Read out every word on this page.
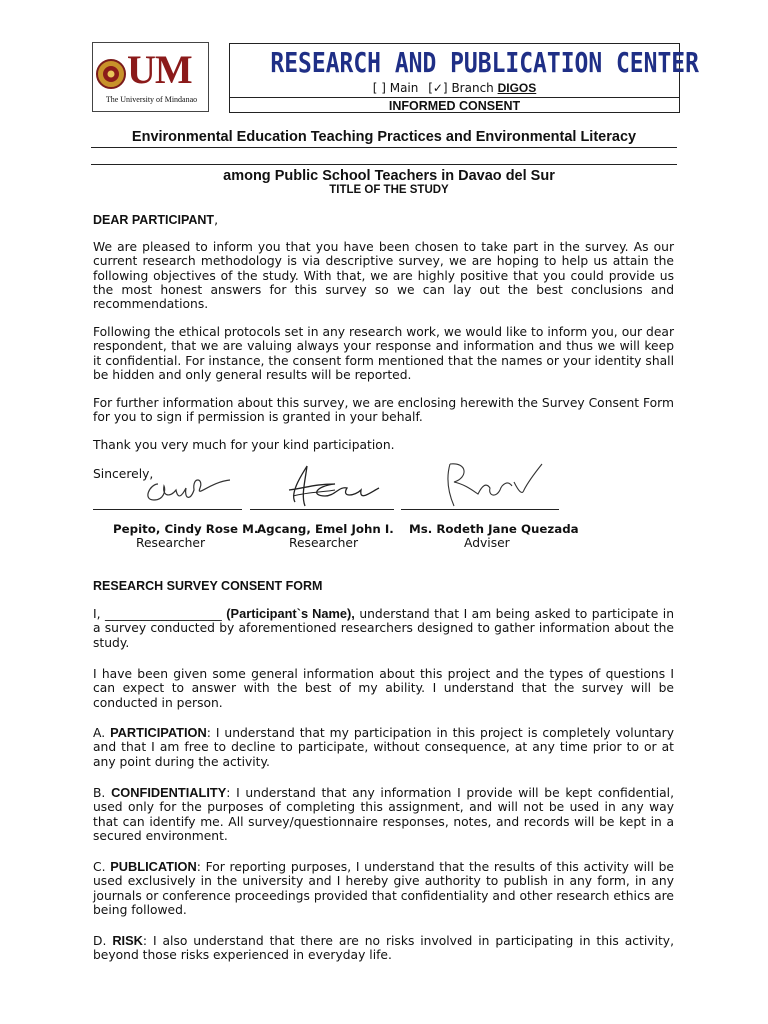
UM
The University of Mindanao
RESEARCH AND PUBLICATION CENTER
[ ] Main [✓] Branch DIGOS
INFORMED CONSENT
Environmental Education Teaching Practices and Environmental Literacy
among Public School Teachers in Davao del Sur
TITLE OF THE STUDY
DEAR PARTICIPANT,
We are pleased to inform you that you have been chosen to take part in the survey. As our current research methodology is via descriptive survey, we are hoping to help us attain the following objectives of the study. With that, we are highly positive that you could provide us the most honest answers for this survey so we can lay out the best conclusions and recommendations.
Following the ethical protocols set in any research work, we would like to inform you, our dear respondent, that we are valuing always your response and information and thus we will keep it confidential. For instance, the consent form mentioned that the names or your identity shall be hidden and only general results will be reported.
For further information about this survey, we are enclosing herewith the Survey Consent Form for you to sign if permission is granted in your behalf.
Thank you very much for your kind participation.
Sincerely,
Pepito, Cindy Rose M.
Researcher
Agcang, Emel John I.
Researcher
Ms. Rodeth Jane Quezada
Adviser
RESEARCH SURVEY CONSENT FORM
I, ___________________ (Participant`s Name), understand that I am being asked to participate in a survey conducted by aforementioned researchers designed to gather information about the study.
I have been given some general information about this project and the types of questions I can expect to answer with the best of my ability. I understand that the survey will be conducted in person.
A. PARTICIPATION: I understand that my participation in this project is completely voluntary and that I am free to decline to participate, without consequence, at any time prior to or at any point during the activity.
B. CONFIDENTIALITY: I understand that any information I provide will be kept confidential, used only for the purposes of completing this assignment, and will not be used in any way that can identify me. All survey/questionnaire responses, notes, and records will be kept in a secured environment.
C. PUBLICATION: For reporting purposes, I understand that the results of this activity will be used exclusively in the university and I hereby give authority to publish in any form, in any journals or conference proceedings provided that confidentiality and other research ethics are being followed.
D. RISK: I also understand that there are no risks involved in participating in this activity, beyond those risks experienced in everyday life.
